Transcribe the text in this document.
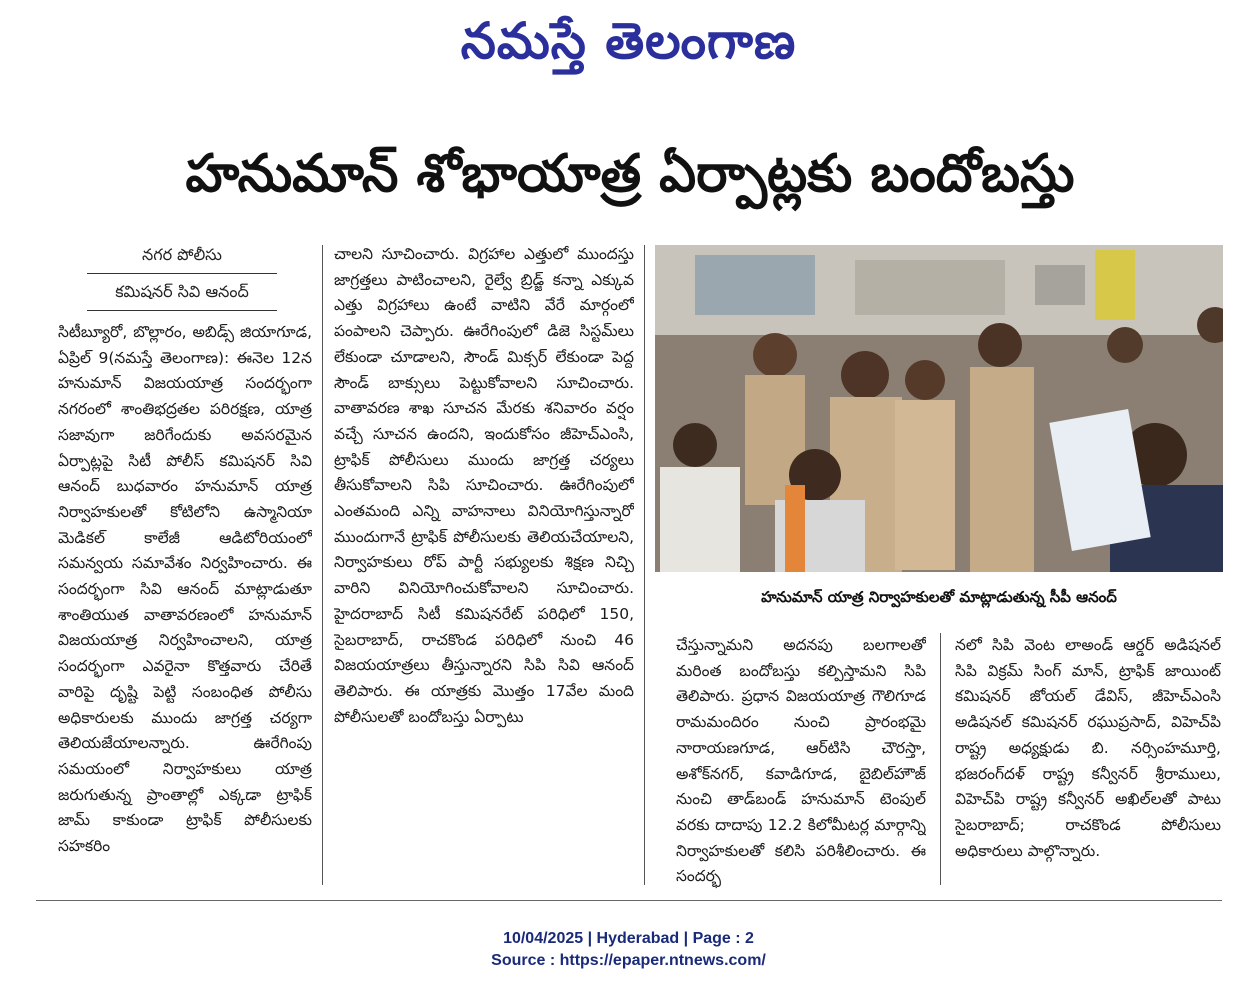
నమస్తే తెలంగాణ
హనుమాన్ శోభాయాత్ర ఏర్పాట్లకు బందోబస్తు
నగర పోలీసు
కమిషనర్ సివి ఆనంద్

సిటీబ్యూరో, బొల్లారం, అబిడ్స్ జియాగూడ, ఏప్రిల్ 9(నమస్తే తెలంగాణ): ఈనెల 12న హనుమాన్ విజయయాత్ర సందర్భంగా నగరంలో శాంతిభద్రతల పరిరక్షణ, యాత్ర సజావుగా జరిగేందుకు అవసరమైన ఏర్పాట్లపై సిటీ పోలీస్ కమిషనర్ సివి ఆనంద్ బుధవారం హనుమాన్ యాత్ర నిర్వాహకులతో కోటిలోని ఉస్మానియా మెడికల్ కాలేజీ ఆడిటోరియంలో సమన్వయ సమావేశం నిర్వహించారు. ఈ సందర్భంగా సివి ఆనంద్ మాట్లాడుతూ శాంతియుత వాతావరణంలో హనుమాన్ విజయయాత్ర నిర్వహించాలని, యాత్ర సందర్భంగా ఎవరైనా కొత్తవారు చేరితే వారిపై దృష్టి పెట్టి సంబంధిత పోలీసు అధికారులకు ముందు జాగ్రత్త చర్యగా తెలియజేయాలన్నారు. ఊరేగింపు సమయంలో నిర్వాహకులు యాత్ర జరుగుతున్న ప్రాంతాల్లో ఎక్కడా ట్రాఫిక్ జామ్ కాకుండా ట్రాఫిక్ పోలీసులకు సహకరిం

చాలని సూచించారు. విగ్రహాల ఎత్తులో ముందస్తు జాగ్రత్తలు పాటించాలని, రైల్వే బ్రిడ్జ్ కన్నా ఎక్కువ ఎత్తు విగ్రహాలు ఉంటే వాటిని వేరే మార్గంలో పంపాలని చెప్పారు. ఊరేగింపులో డిజె సిస్టమ్‌లు లేకుండా చూడాలని, సౌండ్ మిక్సర్ లేకుండా పెద్ద సౌండ్ బాక్సులు పెట్టుకోవాలని సూచించారు. వాతావరణ శాఖ సూచన మేరకు శనివారం వర్షం వచ్చే సూచన ఉందని, ఇందుకోసం జీహెచ్ఎంసి, ట్రాఫిక్ పోలీసులు ముందు జాగ్రత్త చర్యలు తీసుకోవాలని సిపి సూచించారు. ఊరేగింపులో ఎంతమంది ఎన్ని వాహనాలు వినియోగిస్తున్నారో ముందుగానే ట్రాఫిక్ పోలీసులకు తెలియచేయాలని, నిర్వాహకులు రోప్ పార్టీ సభ్యులకు శిక్షణ నిచ్చి వారిని వినియోగించుకోవాలని సూచించారు. హైదరాబాద్ సిటీ కమిషనరేట్ పరిధిలో 150, సైబరాబాద్, రాచకొండ పరిధిలో నుంచి 46 విజయయాత్రలు తీస్తున్నారని సిపి సివి ఆనంద్ తెలిపారు. ఈ యాత్రకు మొత్తం 17వేల మంది పోలీసులతో బందోబస్తు ఏర్పాటు

హనుమాన్ యాత్ర నిర్వాహకులతో మాట్లాడుతున్న సీపీ ఆనంద్

చేస్తున్నామని అదనపు బలగాలతో మరింత బందోబస్తు కల్పిస్తామని సిపి తెలిపారు. ప్రధాన విజయయాత్ర గౌలిగూడ రామమందిరం నుంచి ప్రారంభమై నారాయణగూడ, ఆర్‌టిసి చౌరస్తా, అశోక్‌నగర్, కవాడిగూడ, బైబిల్‌హౌజ్ నుంచి తాడ్‌బండ్ హనుమాన్ టెంపుల్ వరకు దాదాపు 12.2 కిలోమీటర్ల మార్గాన్ని నిర్వాహకులతో కలిసి పరిశీలించారు. ఈ సందర్భ

నలో సిపి వెంట లాఅండ్ ఆర్డర్ అడిషనల్ సిపి విక్రమ్ సింగ్ మాన్, ట్రాఫిక్ జాయింట్ కమిషనర్ జోయల్ డేవిస్, జీహెచ్ఎంసి అడిషనల్ కమిషనర్ రఘుప్రసాద్, విహెచ్‌పి రాష్ట్ర అధ్యక్షుడు బి. నర్సింహమూర్తి, భజరంగ్‌దళ్ రాష్ట్ర కన్వీనర్ శ్రీరాములు, విహెచ్‌పి రాష్ట్ర కన్వీనర్ అఖిల్‌లతో పాటు సైబరాబాద్; రాచకొండ పోలీసులు అధికారులు పాల్గొన్నారు.

10/04/2025 | Hyderabad | Page : 2
Source : https://epaper.ntnews.com/
